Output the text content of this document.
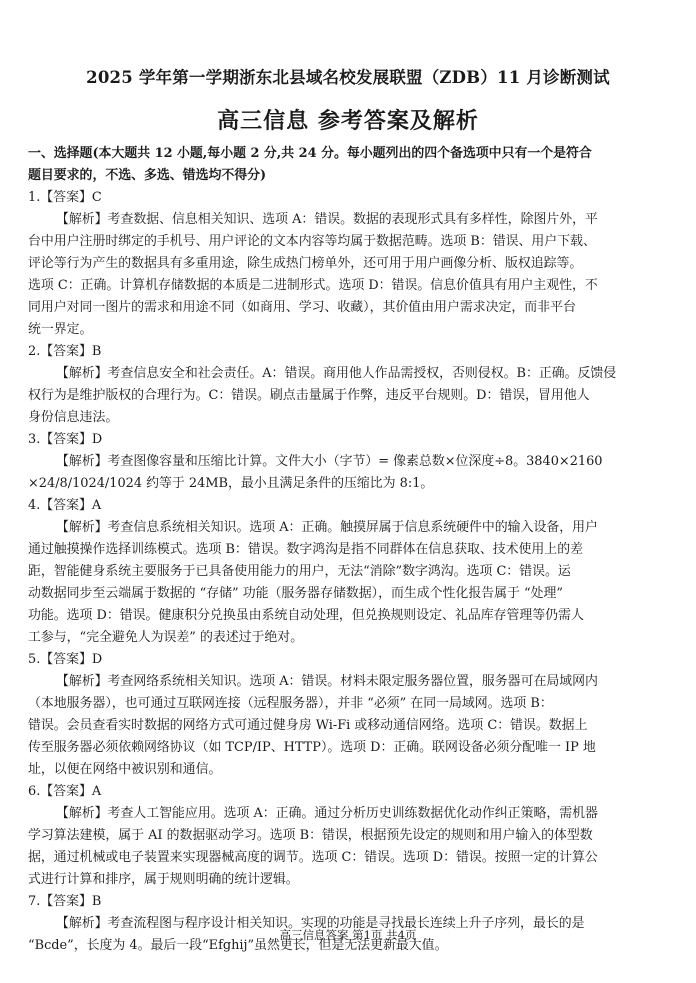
2025 学年第一学期浙东北县域名校发展联盟（ZDB）11 月诊断测试
高三信息 参考答案及解析
一、选择题(本大题共 12 小题,每小题 2 分,共 24 分。每小题列出的四个备选项中只有一个是符合
题目要求的，不选、多选、错选均不得分)
1.【答案】C
【解析】考查数据、信息相关知识、选项 A：错误。数据的表现形式具有多样性，除图片外，平
台中用户注册时绑定的手机号、用户评论的文本内容等均属于数据范畴。选项 B：错误、用户下载、
评论等行为产生的数据具有多重用途，除生成热门榜单外，还可用于用户画像分析、版权追踪等。
选项 C：正确。计算机存储数据的本质是二进制形式。选项 D：错误。信息价值具有用户主观性，不
同用户对同一图片的需求和用途不同（如商用、学习、收藏），其价值由用户需求决定，而非平台
统一界定。
2.【答案】B
【解析】考查信息安全和社会责任。A：错误。商用他人作品需授权，否则侵权。B：正确。反馈侵
权行为是维护版权的合理行为。C：错误。刷点击量属于作弊，违反平台规则。D：错误，冒用他人
身份信息违法。
3.【答案】D
【解析】考查图像容量和压缩比计算。文件大小（字节）= 像素总数×位深度÷8。3840×2160
×24/8/1024/1024 约等于 24MB，最小且满足条件的压缩比为 8:1。
4.【答案】A
【解析】考查信息系统相关知识。选项 A：正确。触摸屏属于信息系统硬件中的输入设备，用户
通过触摸操作选择训练模式。选项 B：错误。数字鸿沟是指不同群体在信息获取、技术使用上的差
距，智能健身系统主要服务于已具备使用能力的用户，无法“消除”数字鸿沟。选项 C：错误。运
动数据同步至云端属于数据的 “存储” 功能（服务器存储数据），而生成个性化报告属于 “处理”
功能。选项 D：错误。健康积分兑换虽由系统自动处理，但兑换规则设定、礼品库存管理等仍需人
工参与，“完全避免人为误差” 的表述过于绝对。
5.【答案】D
【解析】考查网络系统相关知识。选项 A：错误。材料未限定服务器位置，服务器可在局域网内
（本地服务器），也可通过互联网连接（远程服务器），并非 “必须” 在同一局域网。选项 B：
错误。会员查看实时数据的网络方式可通过健身房 Wi-Fi 或移动通信网络。选项 C：错误。数据上
传至服务器必须依赖网络协议（如 TCP/IP、HTTP）。选项 D：正确。联网设备必须分配唯一 IP 地
址，以便在网络中被识别和通信。
6.【答案】A
【解析】考查人工智能应用。选项 A：正确。通过分析历史训练数据优化动作纠正策略，需机器
学习算法建模，属于 AI 的数据驱动学习。选项 B：错误，根据预先设定的规则和用户输入的体型数
据，通过机械或电子装置来实现器械高度的调节。选项 C：错误。选项 D：错误。按照一定的计算公
式进行计算和排序，属于规则明确的统计逻辑。
7.【答案】B
【解析】考查流程图与程序设计相关知识。实现的功能是寻找最长连续上升子序列，最长的是
“Bcde”，长度为 4。最后一段“Efghij”虽然更长，但是无法更新最大值。
高三信息答案 第1页 共4页
